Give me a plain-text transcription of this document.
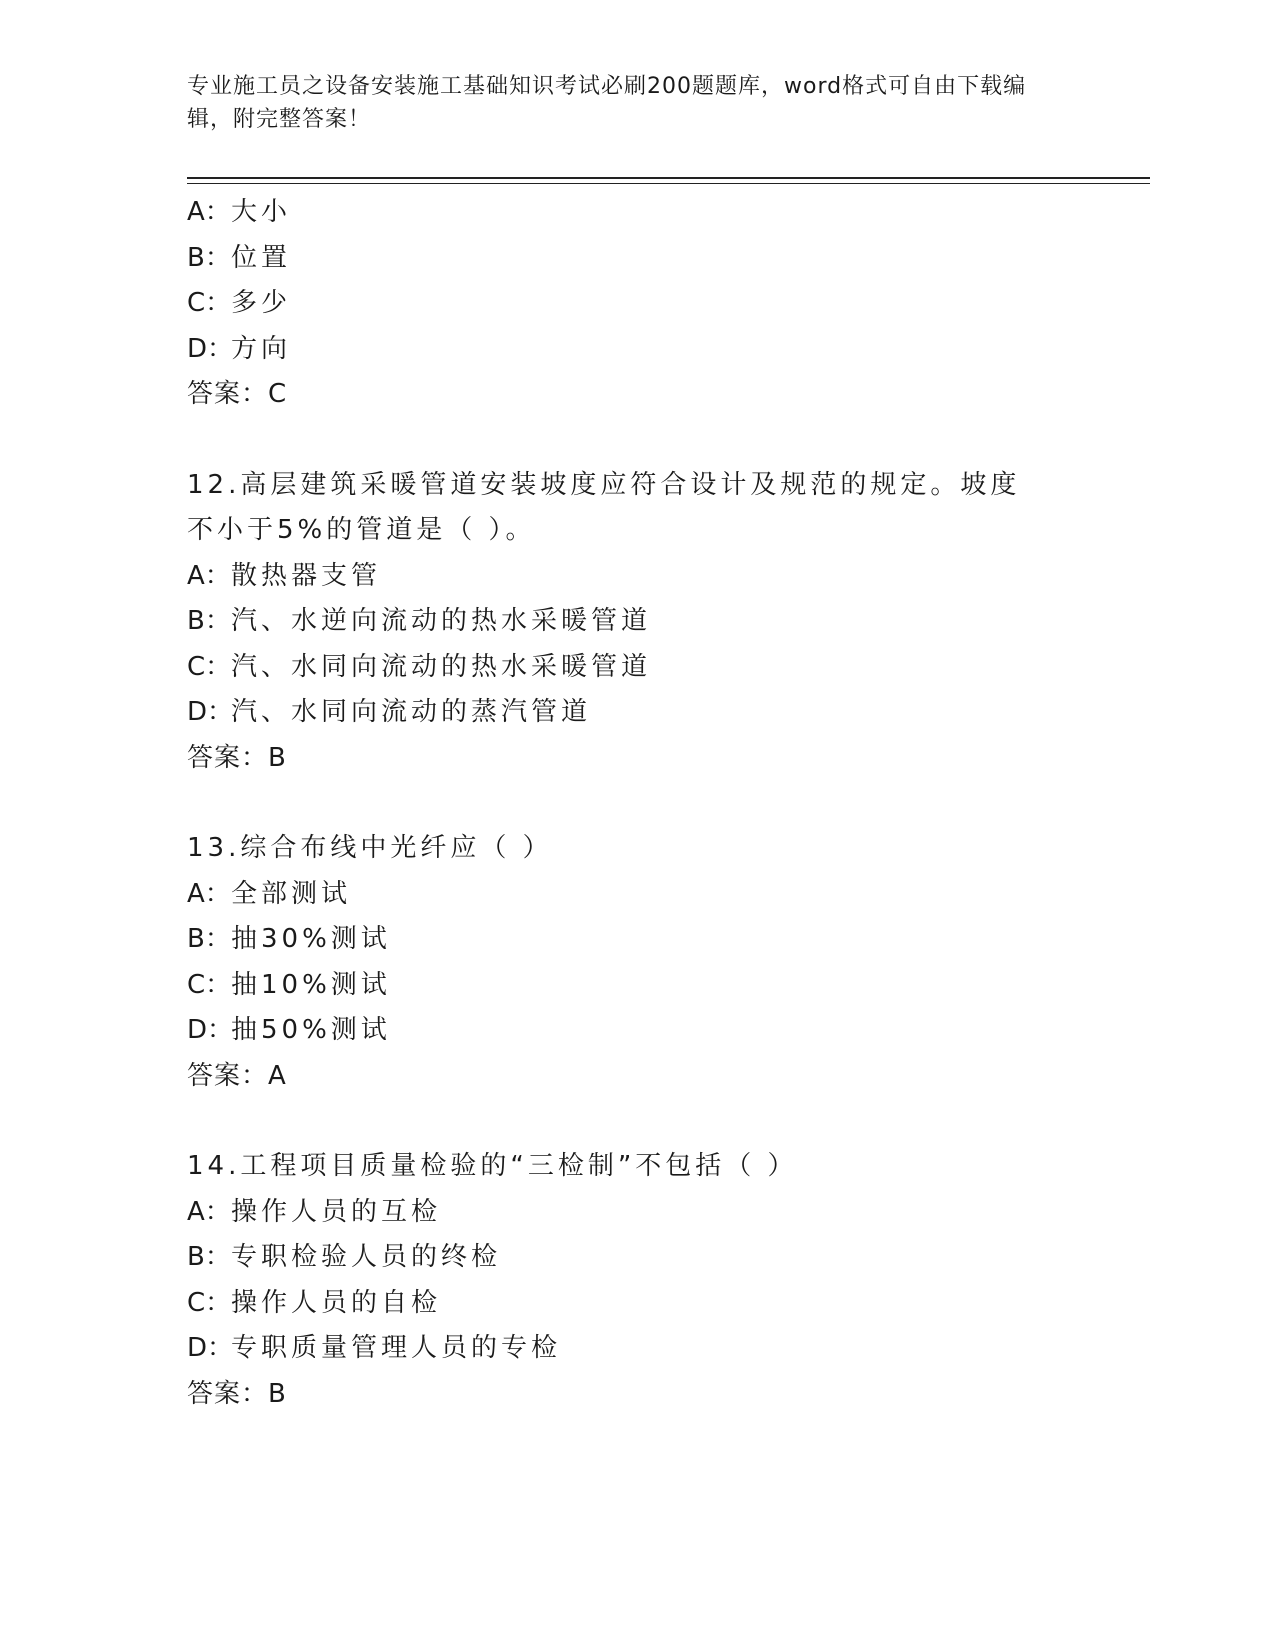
专业施工员之设备安装施工基础知识考试必刷200题题库，word格式可自由下载编辑，附完整答案！
A：大小
B：位置
C：多少
D：方向
答案：C
12.高层建筑采暖管道安装坡度应符合设计及规范的规定。坡度不小于5%的管道是（ ）。
A：散热器支管
B：汽、水逆向流动的热水采暖管道
C：汽、水同向流动的热水采暖管道
D：汽、水同向流动的蒸汽管道
答案：B
13.综合布线中光纤应（ ）
A：全部测试
B：抽30%测试
C：抽10%测试
D：抽50%测试
答案：A
14.工程项目质量检验的“三检制”不包括（ ）
A：操作人员的互检
B：专职检验人员的终检
C：操作人员的自检
D：专职质量管理人员的专检
答案：B
